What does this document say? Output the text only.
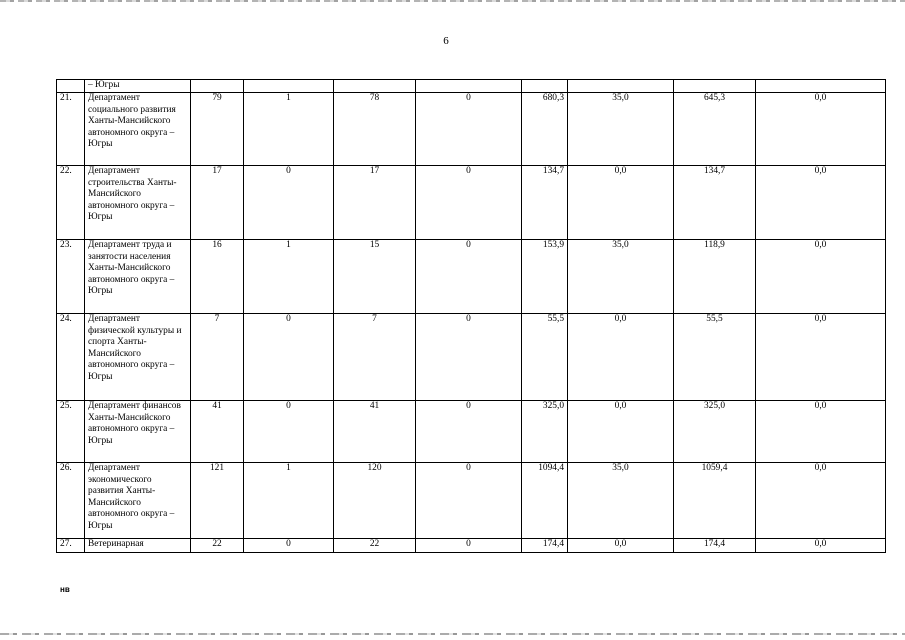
6
	– Югры								
21.	Департамент социального развития Ханты-Мансийского автономного округа – Югры	79	1	78	0	680,3	35,0	645,3	0,0
22.	Департамент строительства Ханты-Мансийского автономного округа – Югры	17	0	17	0	134,7	0,0	134,7	0,0
23.	Департамент труда и занятости населения Ханты-Мансийского автономного округа – Югры	16	1	15	0	153,9	35,0	118,9	0,0
24.	Департамент физической культуры и спорта Ханты-Мансийского автономного округа – Югры	7	0	7	0	55,5	0,0	55,5	0,0
25.	Департамент финансов Ханты-Мансийского автономного округа – Югры	41	0	41	0	325,0	0,0	325,0	0,0
26.	Департамент экономического развития Ханты-Мансийского автономного округа – Югры	121	1	120	0	1094,4	35,0	1059,4	0,0
27.	Ветеринарная	22	0	22	0	174,4	0,0	174,4	0,0
нв
